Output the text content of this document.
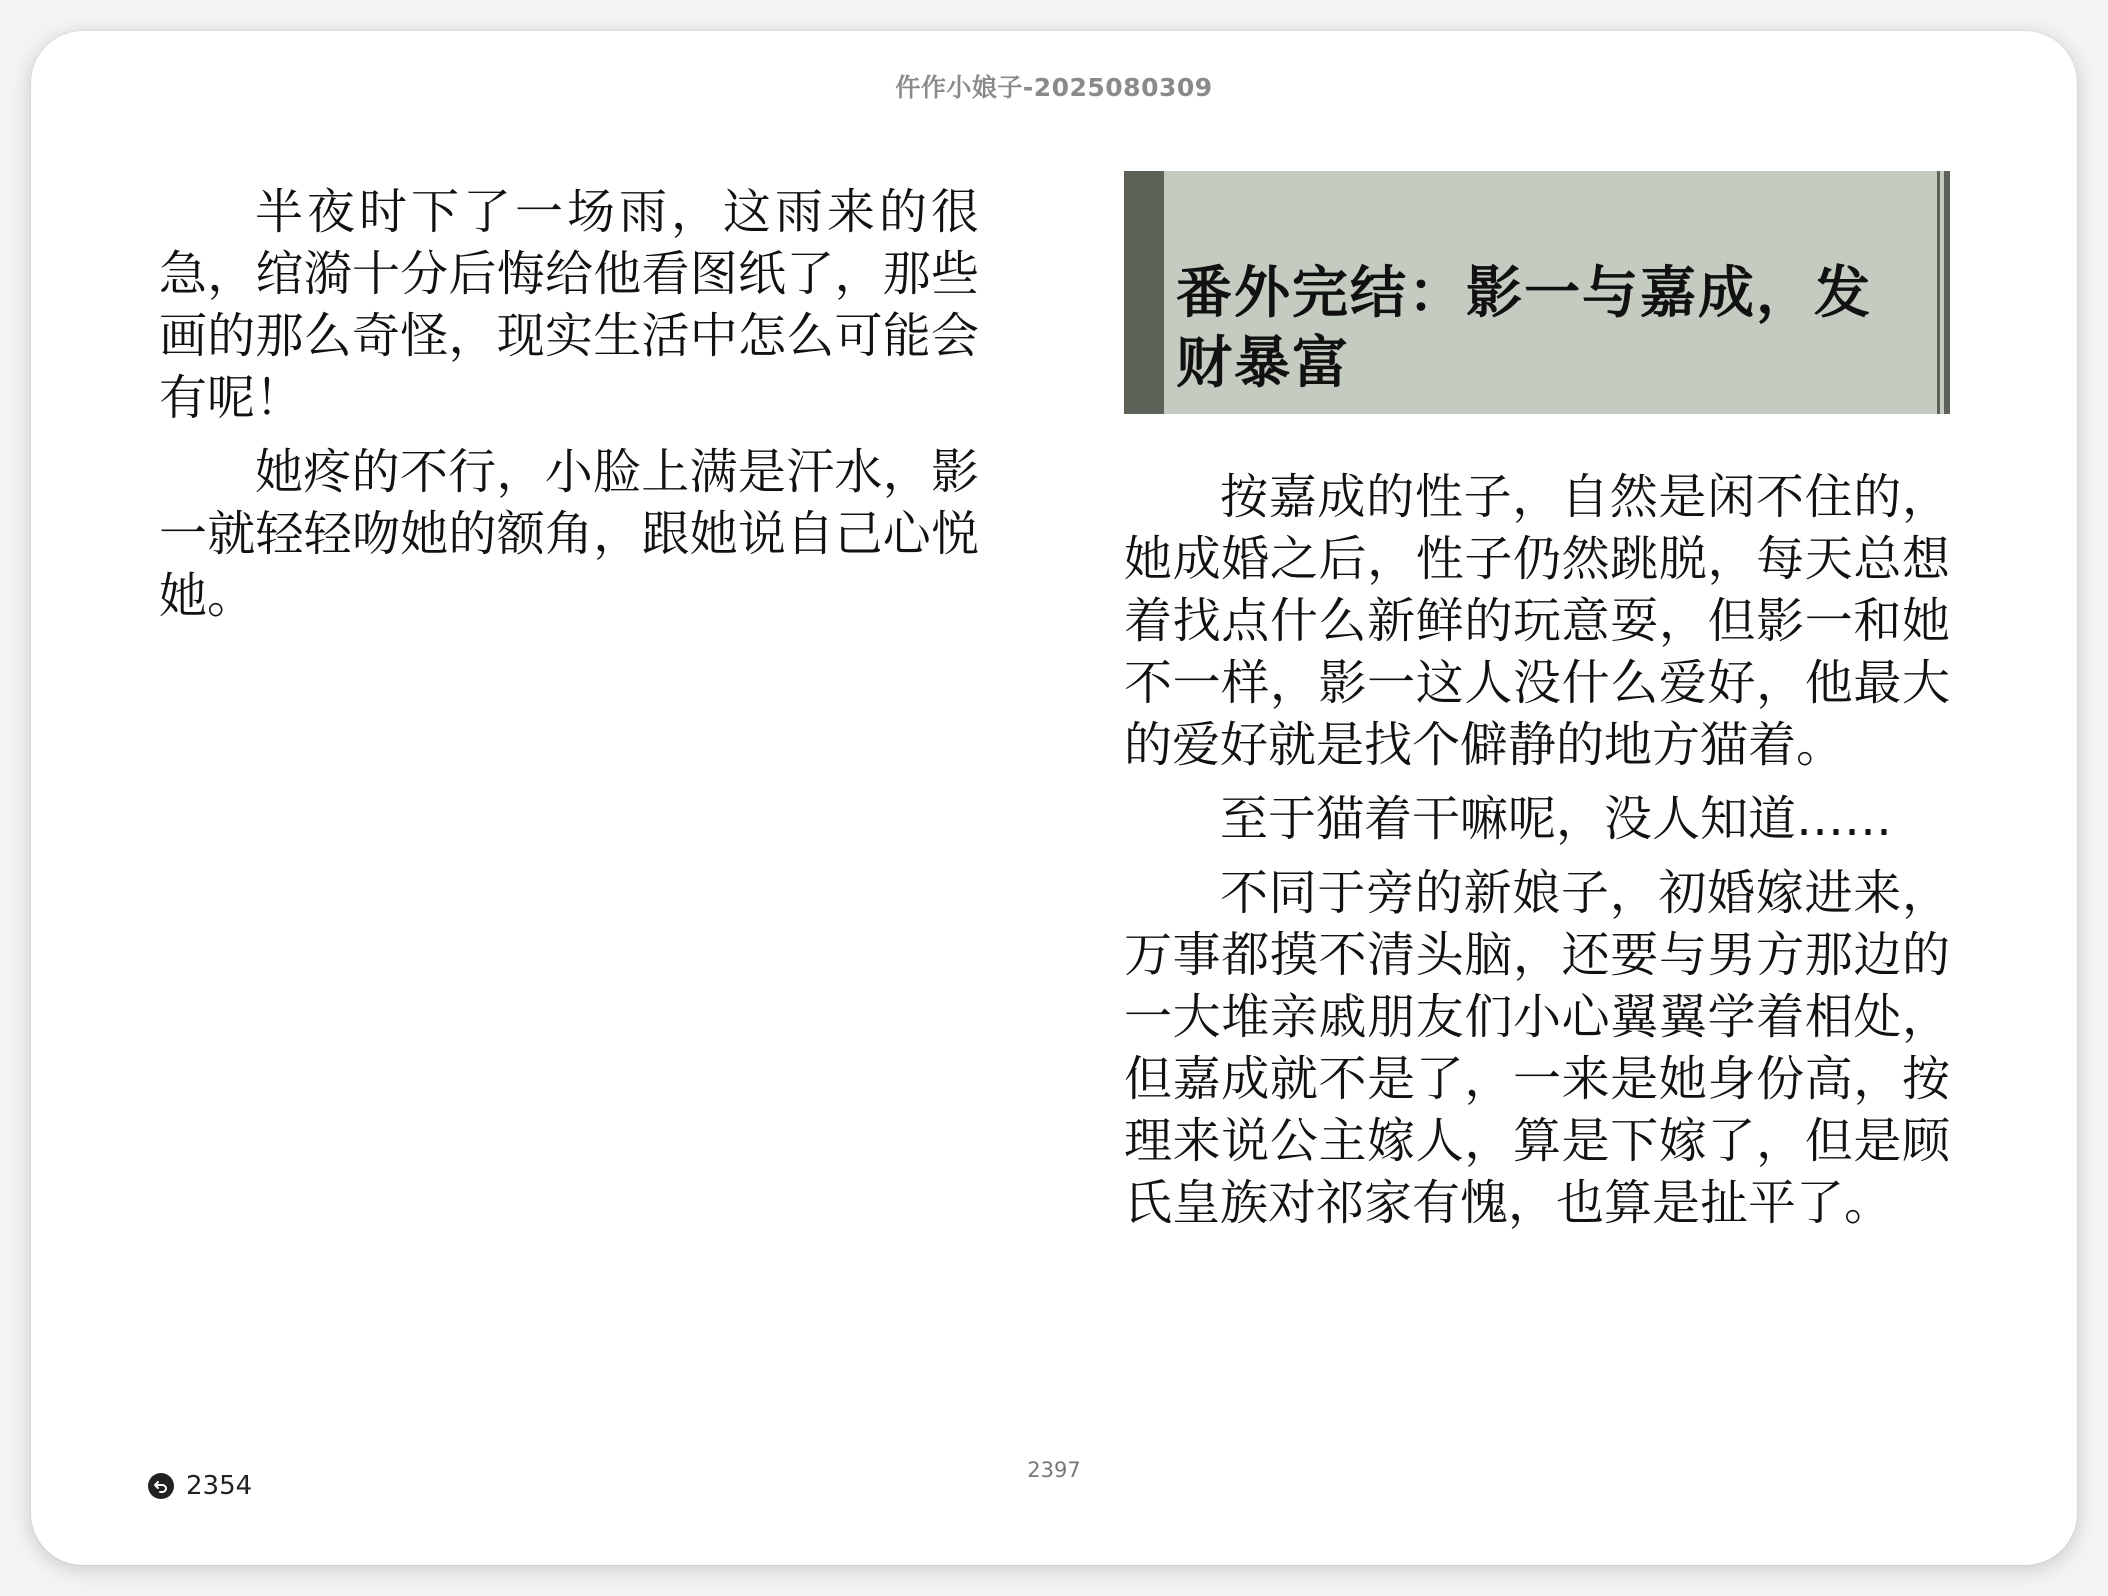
仵作小娘子-2025080309

半夜时下了一场雨，这雨来的很急，绾漪十分后悔给他看图纸了，那些画的那么奇怪，现实生活中怎么可能会有呢！

她疼的不行，小脸上满是汗水，影一就轻轻吻她的额角，跟她说自己心悦她。

番外完结：影一与嘉成，发财暴富

按嘉成的性子，自然是闲不住的，她成婚之后，性子仍然跳脱，每天总想着找点什么新鲜的玩意耍，但影一和她不一样，影一这人没什么爱好，他最大的爱好就是找个僻静的地方猫着。

至于猫着干嘛呢，没人知道……

不同于旁的新娘子，初婚嫁进来，万事都摸不清头脑，还要与男方那边的一大堆亲戚朋友们小心翼翼学着相处，但嘉成就不是了，一来是她身份高，按理来说公主嫁人，算是下嫁了，但是顾氏皇族对祁家有愧，也算是扯平了。

2354
2397
